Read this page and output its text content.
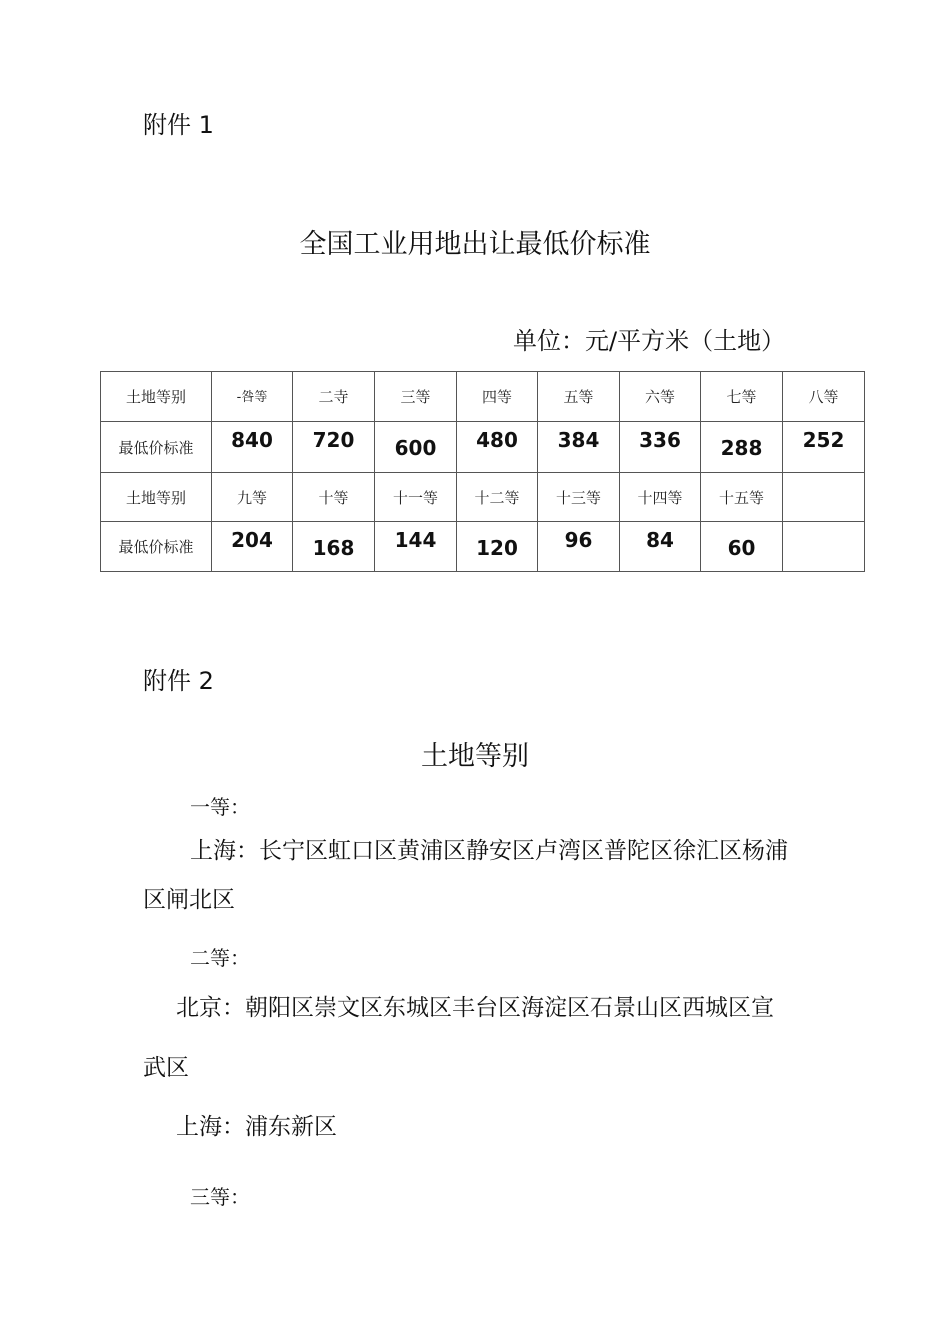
附件 1
全国工业用地出让最低价标准
单位：元/平方米（土地）
土地等别	-咎等	二寺	三等	四等	五等	六等	七等	八等
最低价标准	840	720	600	480	384	336	288	252
土地等别	九等	十等	十一等	十二等	十三等	十四等	十五等	
最低价标准	204	168	144	120	96	84	60	
附件 2
土地等别
一等：
上海：长宁区虹口区黄浦区静安区卢湾区普陀区徐汇区杨浦
区闸北区
二等：
北京：朝阳区崇文区东城区丰台区海淀区石景山区西城区宣
武区
上海：浦东新区
三等：
